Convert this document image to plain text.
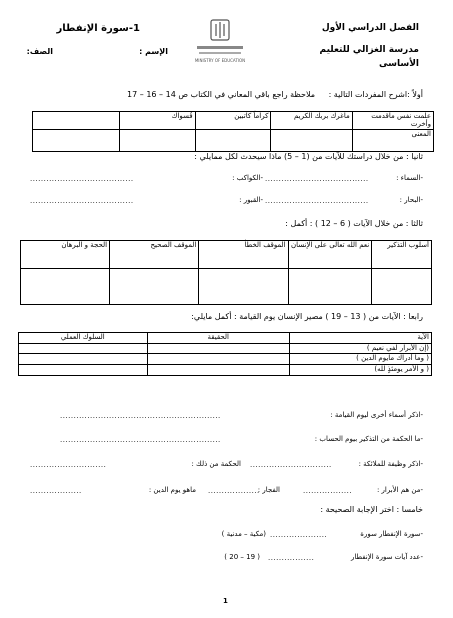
الفصل الدراسي الأول
مدرسة الغزالي للتعليم
الأساسى
MINISTRY OF EDUCATION
1-سورة الإنفطار
الإسم :
الصف:
أولاً :اشرح المفردات التالية :
ملاحظة راجع باقي المعاني في الكتاب ص 14 – 16 – 17
علمت نفس ماقدمت وأخرت	ماغرك بربك الكريم	كراماً كاتبين	فُسواك	
المعنى				
ثانيا : من خلال دراستك للآيات من (1 – 5) ماذا سيحدث لكل ممايلي :
-السماء :
......................................
-الكواكب :
......................................
-البحار :
......................................
-القبور :
......................................
ثالثا : من خلال الآيات ( 6 – 12 ) : أكمل :
أسلوب التذكير	نعم الله تعالى على الإنسان	الموقف الخطأ	الموقف الصحيح	الحجة و البرهان

رابعا : الآيات من ( 13 – 19 ) مصير الإنسان يوم القيامة : أكمل مايلي:
الآية	الحقيقة	السلوك العملي
(إن الأبرار لفي نعيم )		
( وما أدراك مايوم الدين )		
( و الأمر يومئذٍ لله)		
-اذكر أسماء أخرى ليوم القيامة :
...........................................................
-ما الحكمة من التذكير بيوم الحساب :
...........................................................
-اذكر وظيفة للملائكة :
..............................
الحكمة من ذلك :
............................
-من هم الأبرار :
..................
الفجار :
...................
ماهو يوم الدين :
...................
خامسا : اختر الإجابة الصحيحة :
-سورة الإنفطار سورة
.....................
(مكية – مدنية )
-عدد آيات سورة الإنفطار
.................
( 19 – 20 )
1
